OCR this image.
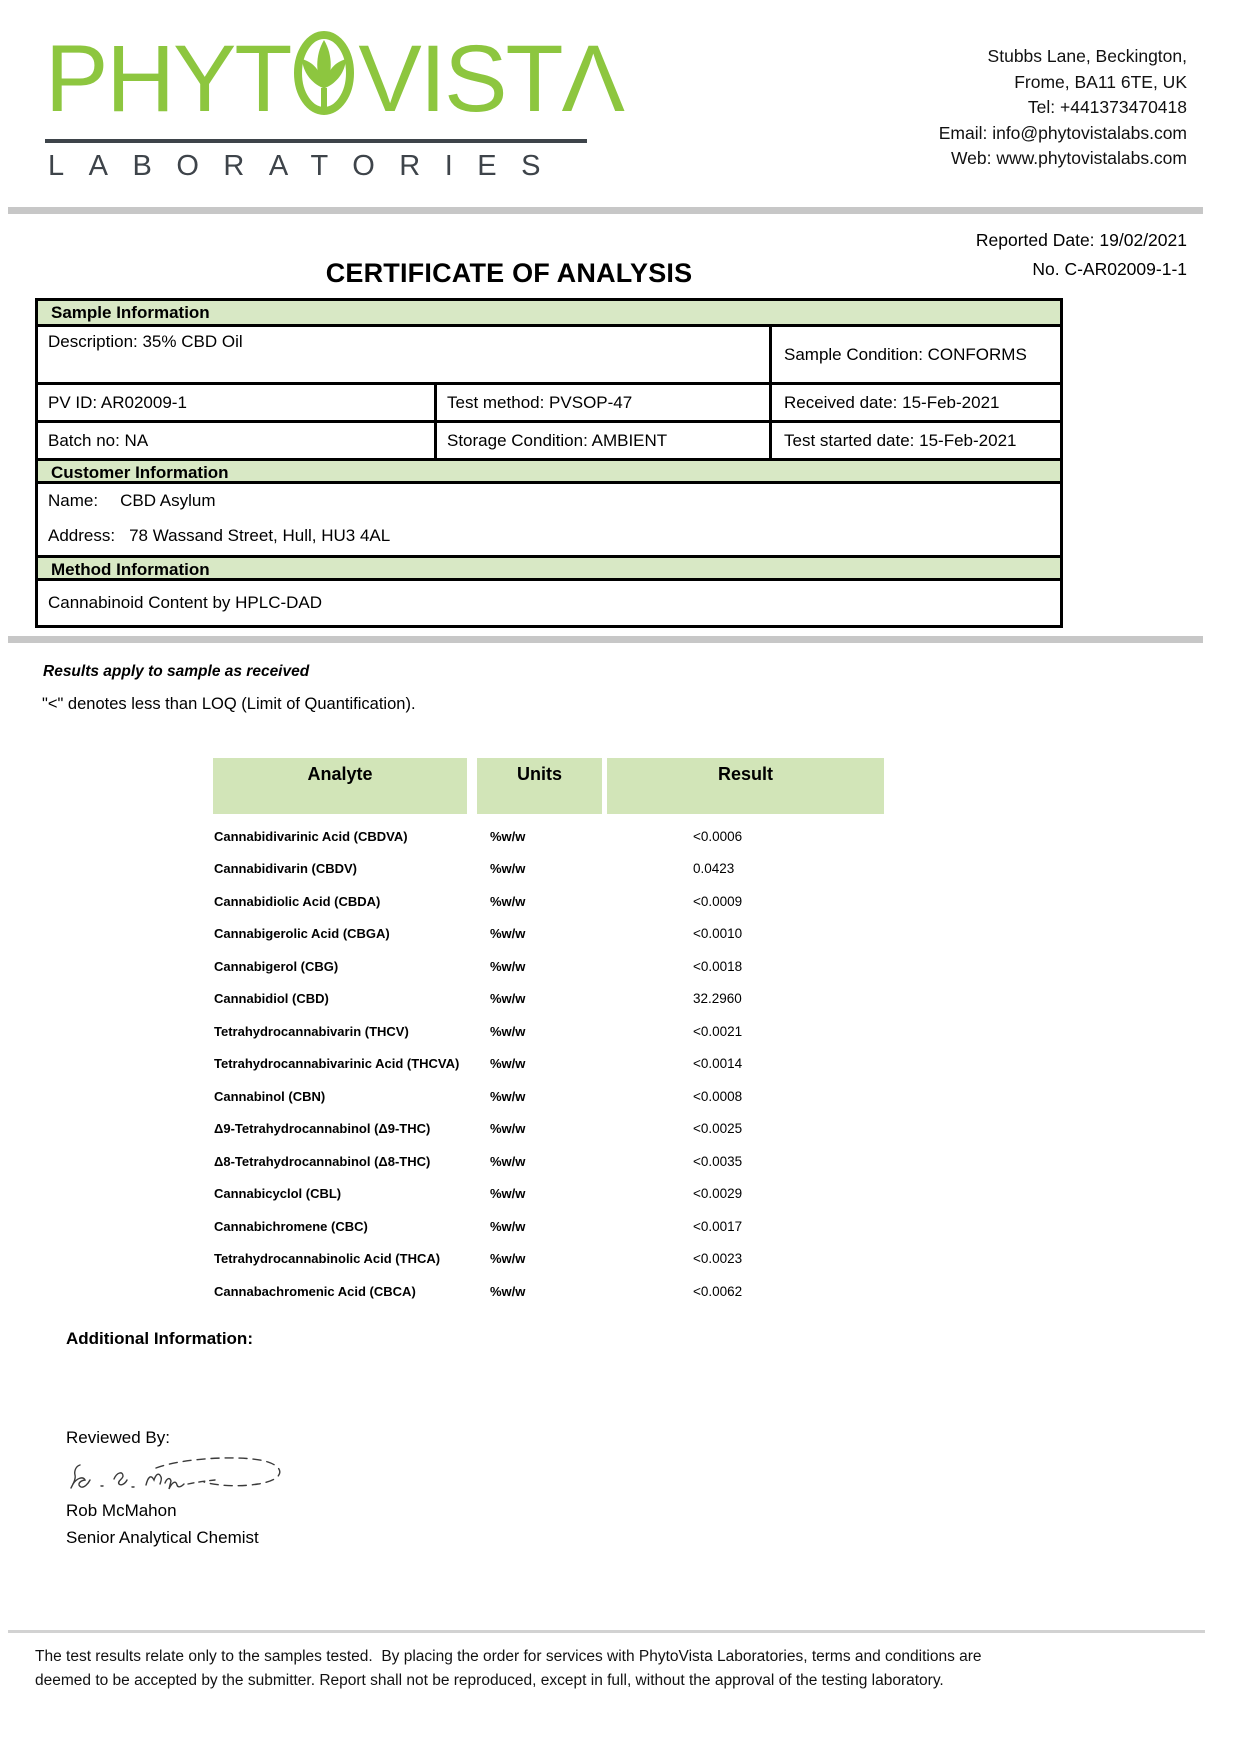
PHYT VISTΛ
LABORATORIES
Stubbs Lane, Beckington,
Frome, BA11 6TE, UK
Tel: +441373470418
Email: info@phytovistalabs.com
Web: www.phytovistalabs.com
Reported Date: 19/02/2021
CERTIFICATE OF ANALYSIS	No. C-AR02009-1-1
Sample Information
Description: 35% CBD Oil
Sample Condition: CONFORMS
PV ID: AR02009-1	Test method: PVSOP-47	Received date: 15-Feb-2021
Batch no: NA	Storage Condition: AMBIENT	Test started date: 15-Feb-2021
Customer Information
Name: CBD Asylum
Address: 78 Wassand Street, Hull, HU3 4AL
Method Information
Cannabinoid Content by HPLC-DAD
Results apply to sample as received
"<" denotes less than LOQ (Limit of Quantification).
Analyte	Units	Result
Cannabidivarinic Acid (CBDVA)	%w/w	<0.0006
Cannabidivarin (CBDV)	%w/w	0.0423
Cannabidiolic Acid (CBDA)	%w/w	<0.0009
Cannabigerolic Acid (CBGA)	%w/w	<0.0010
Cannabigerol (CBG)	%w/w	<0.0018
Cannabidiol (CBD)	%w/w	32.2960
Tetrahydrocannabivarin (THCV)	%w/w	<0.0021
Tetrahydrocannabivarinic Acid (THCVA)	%w/w	<0.0014
Cannabinol (CBN)	%w/w	<0.0008
Δ9-Tetrahydrocannabinol (Δ9-THC)	%w/w	<0.0025
Δ8-Tetrahydrocannabinol (Δ8-THC)	%w/w	<0.0035
Cannabicyclol (CBL)	%w/w	<0.0029
Cannabichromene (CBC)	%w/w	<0.0017
Tetrahydrocannabinolic Acid (THCA)	%w/w	<0.0023
Cannabachromenic Acid (CBCA)	%w/w	<0.0062
Additional Information:
Reviewed By:
Rob McMahon
Senior Analytical Chemist
The test results relate only to the samples tested.  By placing the order for services with PhytoVista Laboratories, terms and conditions are
deemed to be accepted by the submitter. Report shall not be reproduced, except in full, without the approval of the testing laboratory.
